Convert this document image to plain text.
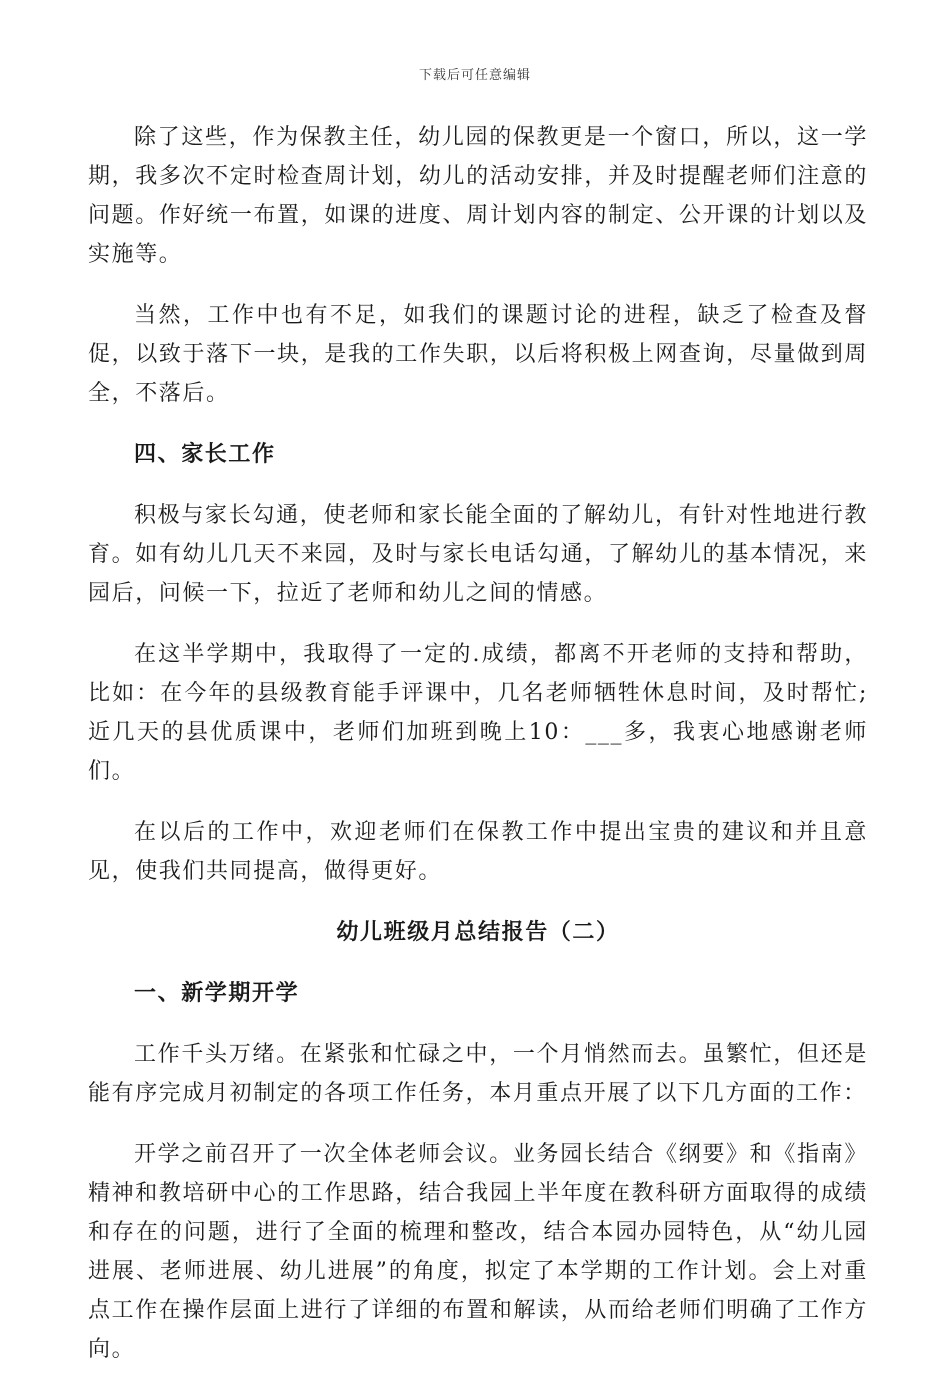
下载后可任意编辑

除了这些，作为保教主任，幼儿园的保教更是一个窗口，所以，这一学期，我多次不定时检查周计划，幼儿的活动安排，并及时提醒老师们注意的问题。作好统一布置，如课的进度、周计划内容的制定、公开课的计划以及实施等。

当然，工作中也有不足，如我们的课题讨论的进程，缺乏了检查及督促，以致于落下一块，是我的工作失职，以后将积极上网查询，尽量做到周全，不落后。

四、家长工作

积极与家长勾通，使老师和家长能全面的了解幼儿，有针对性地进行教育。如有幼儿几天不来园，及时与家长电话勾通，了解幼儿的基本情况，来园后，问候一下，拉近了老师和幼儿之间的情感。

在这半学期中，我取得了一定的.成绩，都离不开老师的支持和帮助，比如：在今年的县级教育能手评课中，几名老师牺牲休息时间，及时帮忙;近几天的县优质课中，老师们加班到晚上10：___多，我衷心地感谢老师们。

在以后的工作中，欢迎老师们在保教工作中提出宝贵的建议和并且意见，使我们共同提高，做得更好。

幼儿班级月总结报告（二）

一、新学期开学

工作千头万绪。在紧张和忙碌之中，一个月悄然而去。虽繁忙，但还是能有序完成月初制定的各项工作任务，本月重点开展了以下几方面的工作：

开学之前召开了一次全体老师会议。业务园长结合《纲要》和《指南》精神和教培研中心的工作思路，结合我园上半年度在教科研方面取得的成绩和存在的问题，进行了全面的梳理和整改，结合本园办园特色，从“幼儿园进展、老师进展、幼儿进展”的角度，拟定了本学期的工作计划。会上对重点工作在操作层面上进行了详细的布置和解读，从而给老师们明确了工作方向。
